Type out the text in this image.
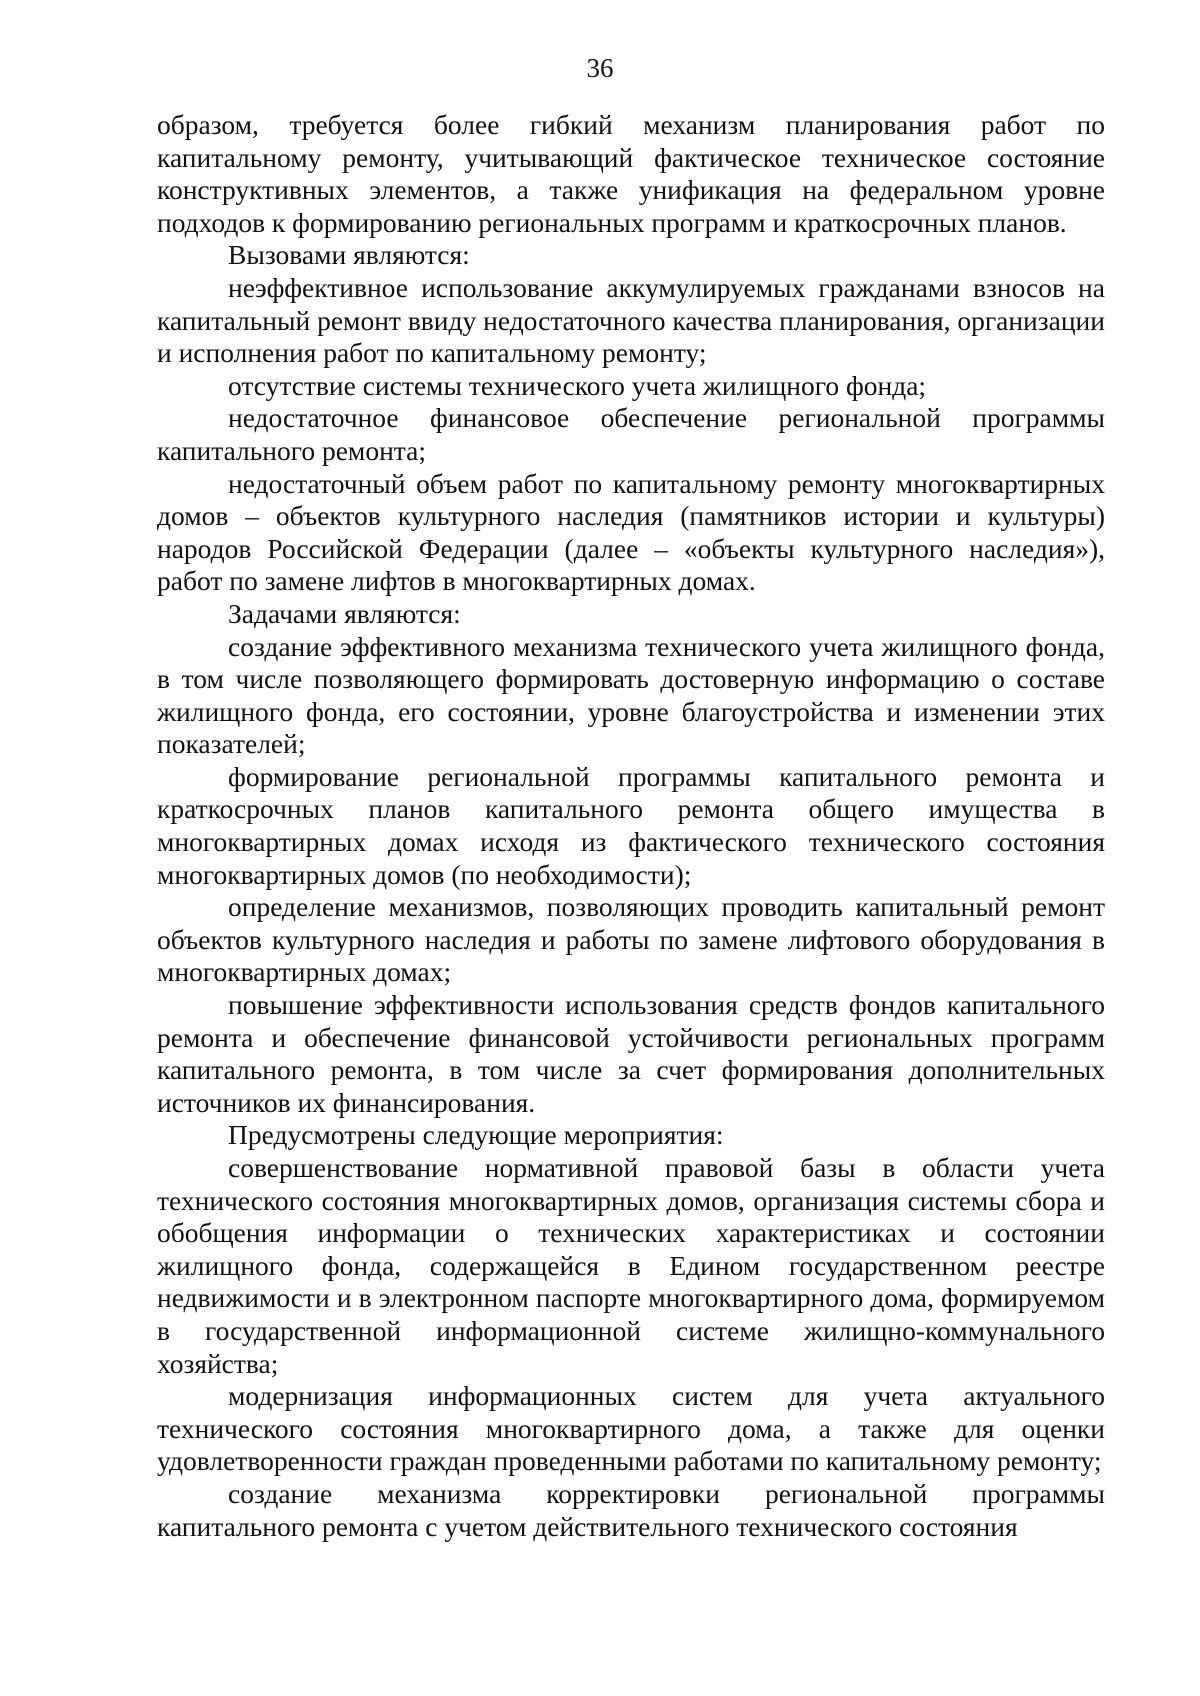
36

образом, требуется более гибкий механизм планирования работ по капитальному ремонту, учитывающий фактическое техническое состояние конструктивных элементов, а также унификация на федеральном уровне подходов к формированию региональных программ и краткосрочных планов.

Вызовами являются:

неэффективное использование аккумулируемых гражданами взносов на капитальный ремонт ввиду недостаточного качества планирования, организации и исполнения работ по капитальному ремонту;

отсутствие системы технического учета жилищного фонда;

недостаточное финансовое обеспечение региональной программы капитального ремонта;

недостаточный объем работ по капитальному ремонту многоквартирных домов – объектов культурного наследия (памятников истории и культуры) народов Российской Федерации (далее – «объекты культурного наследия»), работ по замене лифтов в многоквартирных домах.

Задачами являются:

создание эффективного механизма технического учета жилищного фонда, в том числе позволяющего формировать достоверную информацию о составе жилищного фонда, его состоянии, уровне благоустройства и изменении этих показателей;

формирование региональной программы капитального ремонта и краткосрочных планов капитального ремонта общего имущества в многоквартирных домах исходя из фактического технического состояния многоквартирных домов (по необходимости);

определение механизмов, позволяющих проводить капитальный ремонт объектов культурного наследия и работы по замене лифтового оборудования в многоквартирных домах;

повышение эффективности использования средств фондов капитального ремонта и обеспечение финансовой устойчивости региональных программ капитального ремонта, в том числе за счет формирования дополнительных источников их финансирования.

Предусмотрены следующие мероприятия:

совершенствование нормативной правовой базы в области учета технического состояния многоквартирных домов, организация системы сбора и обобщения информации о технических характеристиках и состоянии жилищного фонда, содержащейся в Едином государственном реестре недвижимости и в электронном паспорте многоквартирного дома, формируемом в государственной информационной системе жилищно-коммунального хозяйства;

модернизация информационных систем для учета актуального технического состояния многоквартирного дома, а также для оценки удовлетворенности граждан проведенными работами по капитальному ремонту;

создание механизма корректировки региональной программы капитального ремонта с учетом действительного технического состояния
